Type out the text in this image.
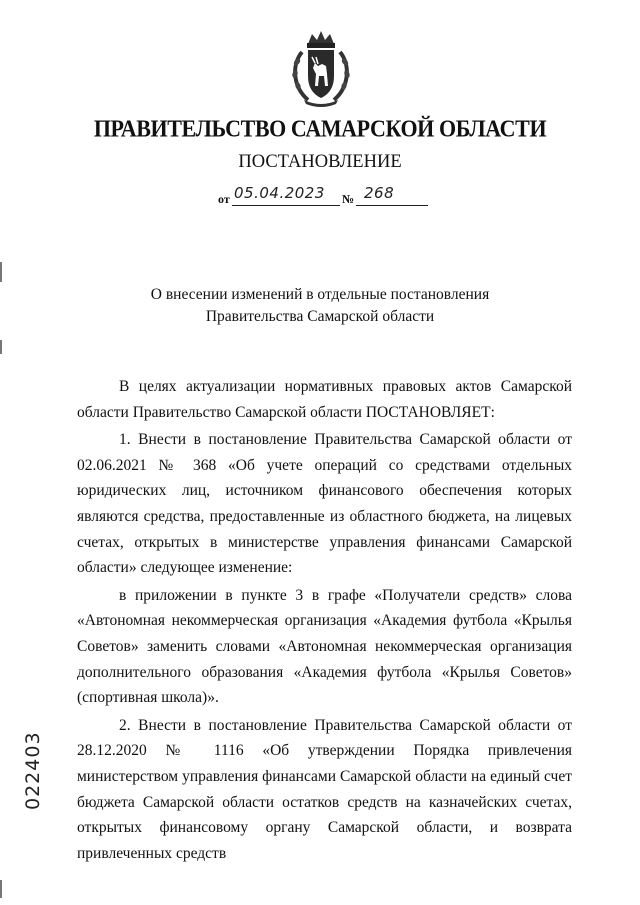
ПРАВИТЕЛЬСТВО САМАРСКОЙ ОБЛАСТИ
ПОСТАНОВЛЕНИЕ
от 05.04.2023 № 268
О внесении изменений в отдельные постановления
Правительства Самарской области

В целях актуализации нормативных правовых актов Самарской области Правительство Самарской области ПОСТАНОВЛЯЕТ:

1. Внести в постановление Правительства Самарской области от 02.06.2021 № 368 «Об учете операций со средствами отдельных юридических лиц, источником финансового обеспечения которых являются средства, предоставленные из областного бюджета, на лицевых счетах, открытых в министерстве управления финансами Самарской области» следующее изменение:

в приложении в пункте 3 в графе «Получатели средств» слова «Автономная некоммерческая организация «Академия футбола «Крылья Советов» заменить словами «Автономная некоммерческая организация дополнительного образования «Академия футбола «Крылья Советов» (спортивная школа)».

2. Внести в постановление Правительства Самарской области от 28.12.2020 № 1116 «Об утверждении Порядка привлечения министерством управления финансами Самарской области на единый счет бюджета Самарской области остатков средств на казначейских счетах, открытых финансовому органу Самарской области, и возврата привлеченных средств

022403
